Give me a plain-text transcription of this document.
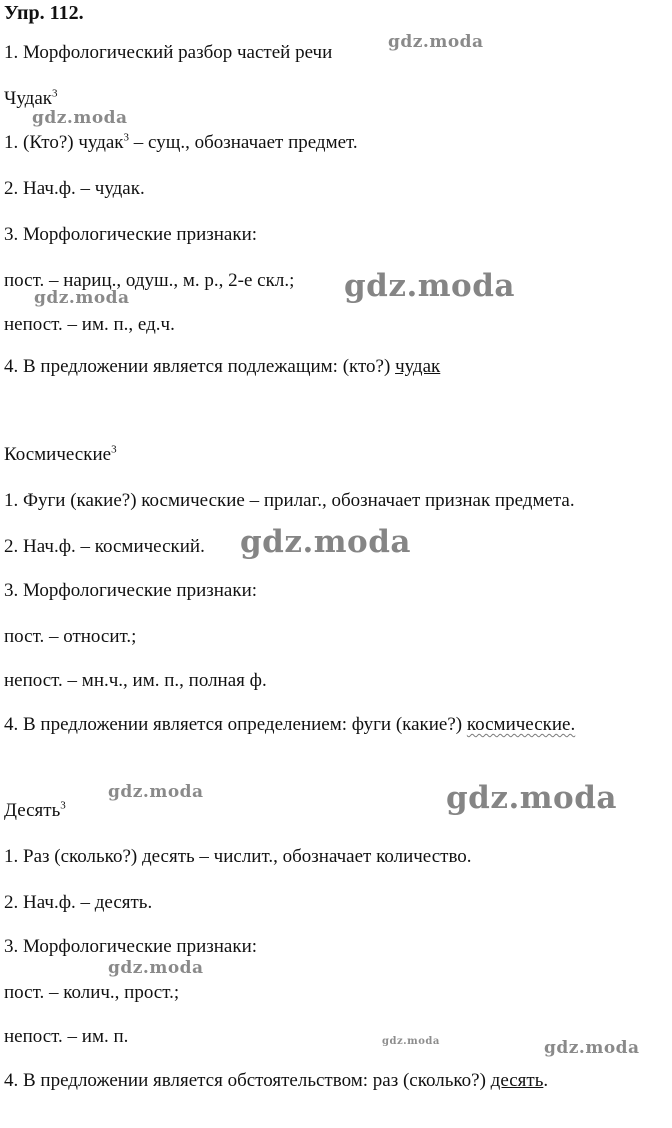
Упр. 112.
1. Морфологический разбор частей речи
Чудак$^3$
1. (Кто?) чудак$^3$ – сущ., обозначает предмет.
2. Нач.ф. – чудак.
3. Морфологические признаки:
пост. – нариц., одуш., м. р., 2-е скл.;
непост. – им. п., ед.ч.
4. В предложении является подлежащим: (кто?) чудак
Космические$^3$
1. Фуги (какие?) космические – прилаг., обозначает признак предмета.
2. Нач.ф. – космический.
3. Морфологические признаки:
пост. – относит.;
непост. – мн.ч., им. п., полная ф.
4. В предложении является определением: фуги (какие?) космические.
Десять$^3$
1. Раз (сколько?) десять – числит., обозначает количество.
2. Нач.ф. – десять.
3. Морфологические признаки:
пост. – колич., прост.;
непост. – им. п.
4. В предложении является обстоятельством: раз (сколько?) десять.
gdz.moda
gdz.moda
gdz.moda	gdz.moda
gdz.moda
gdz.moda	gdz.moda
gdz.moda
gdz.moda	gdz.moda
